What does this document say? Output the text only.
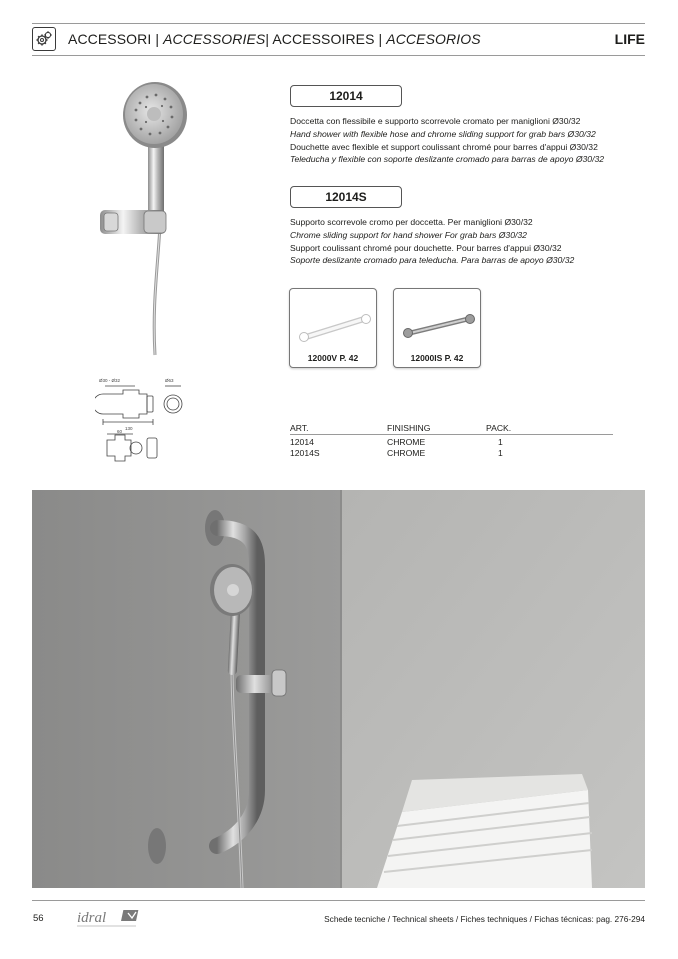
ACCESSORI | ACCESSORIES| ACCESSOIRES | ACCESORIOS	LIFE
Ø30 - Ø32	Ø63
130
60
12014
Doccetta con flessibile e supporto scorrevole cromato per maniglioni Ø30/32
Hand shower with flexible hose and chrome sliding support for grab bars Ø30/32
Douchette avec flexible et support coulissant chromé pour barres d'appui Ø30/32
Teleducha y flexible con soporte deslizante cromado para barras de apoyo Ø30/32
12014S
Supporto scorrevole cromo per doccetta. Per maniglioni Ø30/32
Chrome sliding support for hand shower For grab bars Ø30/32
Support coulissant chromé pour douchette. Pour barres d'appui Ø30/32
Soporte deslizante cromado para teleducha. Para barras de apoyo Ø30/32
12000V P. 42	12000IS P. 42
ART.	FINISHING	PACK.
12014	CHROME	1
12014S	CHROME	1
56 idral	Schede tecniche / Technical sheets / Fiches techniques / Fichas técnicas: pag. 276-294
